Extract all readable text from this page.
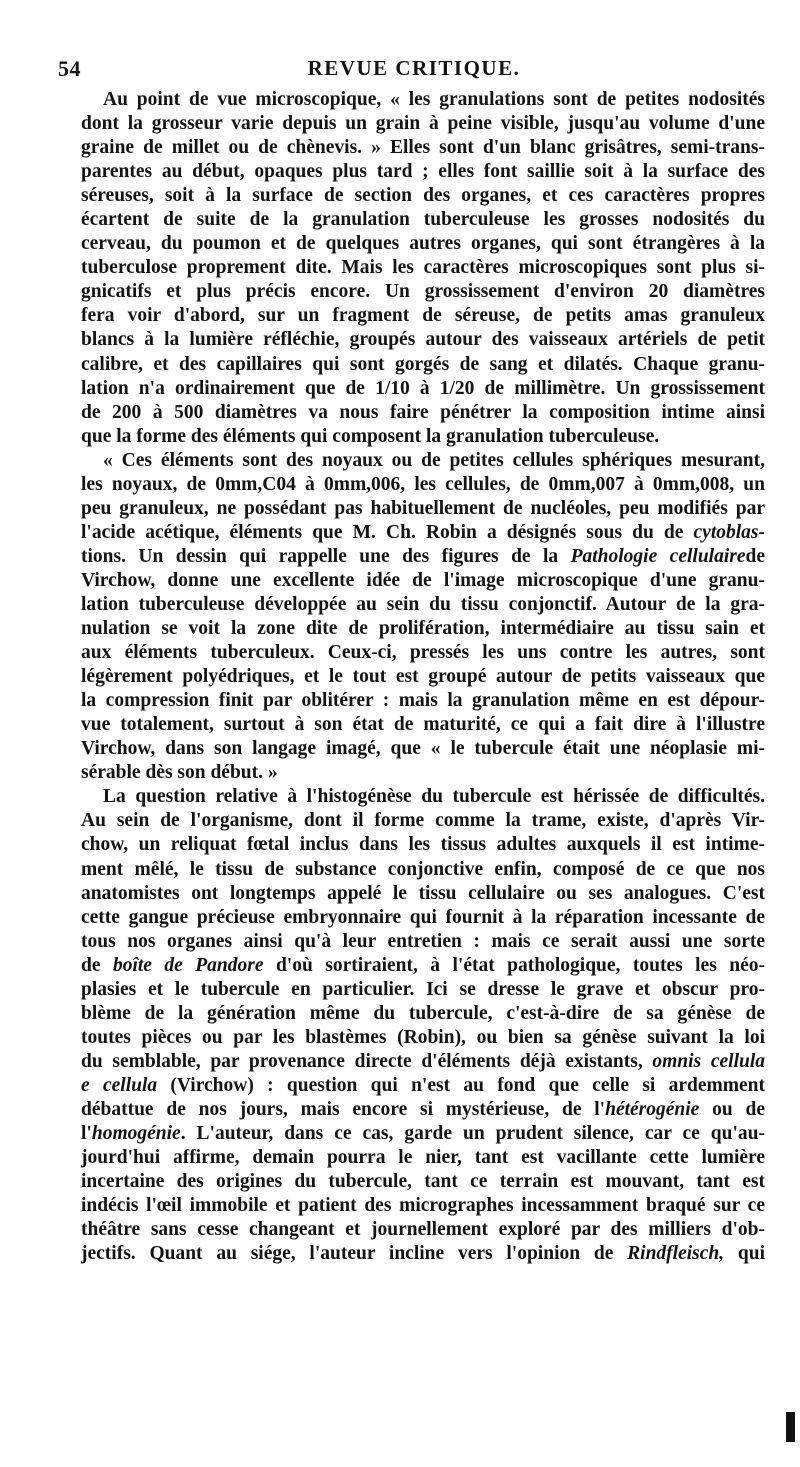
54	REVUE CRITIQUE.
Au point de vue microscopique, « les granulations sont de petites nodosités
dont la grosseur varie depuis un grain à peine visible, jusqu'au volume d'une
graine de millet ou de chènevis. » Elles sont d'un blanc grisâtres, semi-trans-
parentes au début, opaques plus tard ; elles font saillie soit à la surface des
séreuses, soit à la surface de section des organes, et ces caractères propres
écartent de suite de la granulation tuberculeuse les grosses nodosités du
cerveau, du poumon et de quelques autres organes, qui sont étrangères à la
tuberculose proprement dite. Mais les caractères microscopiques sont plus si-
gnicatifs et plus précis encore. Un grossissement d'environ 20 diamètres
fera voir d'abord, sur un fragment de séreuse, de petits amas granuleux
blancs à la lumière réfléchie, groupés autour des vaisseaux artériels de petit
calibre, et des capillaires qui sont gorgés de sang et dilatés. Chaque granu-
lation n'a ordinairement que de 1/10 à 1/20 de millimètre. Un grossissement
de 200 à 500 diamètres va nous faire pénétrer la composition intime ainsi
que la forme des éléments qui composent la granulation tuberculeuse.
« Ces éléments sont des noyaux ou de petites cellules sphériques mesurant,
les noyaux, de 0mm,C04 à 0mm,006, les cellules, de 0mm,007 à 0mm,008, un
peu granuleux, ne possédant pas habituellement de nucléoles, peu modifiés par
l'acide acétique, éléments que M. Ch. Robin a désignés sous du de cytoblas-
tions. Un dessin qui rappelle une des figures de la Pathologie cellulairede
Virchow, donne une excellente idée de l'image microscopique d'une granu-
lation tuberculeuse développée au sein du tissu conjonctif. Autour de la gra-
nulation se voit la zone dite de prolifération, intermédiaire au tissu sain et
aux éléments tuberculeux. Ceux-ci, pressés les uns contre les autres, sont
légèrement polyédriques, et le tout est groupé autour de petits vaisseaux que
la compression finit par oblitérer : mais la granulation même en est dépour-
vue totalement, surtout à son état de maturité, ce qui a fait dire à l'illustre
Virchow, dans son langage imagé, que « le tubercule était une néoplasie mi-
sérable dès son début. »
La question relative à l'histogénèse du tubercule est hérissée de difficultés.
Au sein de l'organisme, dont il forme comme la trame, existe, d'après Vir-
chow, un reliquat fœtal inclus dans les tissus adultes auxquels il est intime-
ment mêlé, le tissu de substance conjonctive enfin, composé de ce que nos
anatomistes ont longtemps appelé le tissu cellulaire ou ses analogues. C'est
cette gangue précieuse embryonnaire qui fournit à la réparation incessante de
tous nos organes ainsi qu'à leur entretien : mais ce serait aussi une sorte
de boîte de Pandore d'où sortiraient, à l'état pathologique, toutes les néo-
plasies et le tubercule en particulier. Ici se dresse le grave et obscur pro-
blème de la génération même du tubercule, c'est-à-dire de sa génèse de
toutes pièces ou par les blastèmes (Robin), ou bien sa génèse suivant la loi
du semblable, par provenance directe d'éléments déjà existants, omnis cellula
e cellula (Virchow) : question qui n'est au fond que celle si ardemment
débattue de nos jours, mais encore si mystérieuse, de l'hétérogénie ou de
l'homogénie. L'auteur, dans ce cas, garde un prudent silence, car ce qu'au-
jourd'hui affirme, demain pourra le nier, tant est vacillante cette lumière
incertaine des origines du tubercule, tant ce terrain est mouvant, tant est
indécis l'œil immobile et patient des micrographes incessamment braqué sur ce
théâtre sans cesse changeant et journellement exploré par des milliers d'ob-
jectifs. Quant au siége, l'auteur incline vers l'opinion de Rindfleisch, qui
